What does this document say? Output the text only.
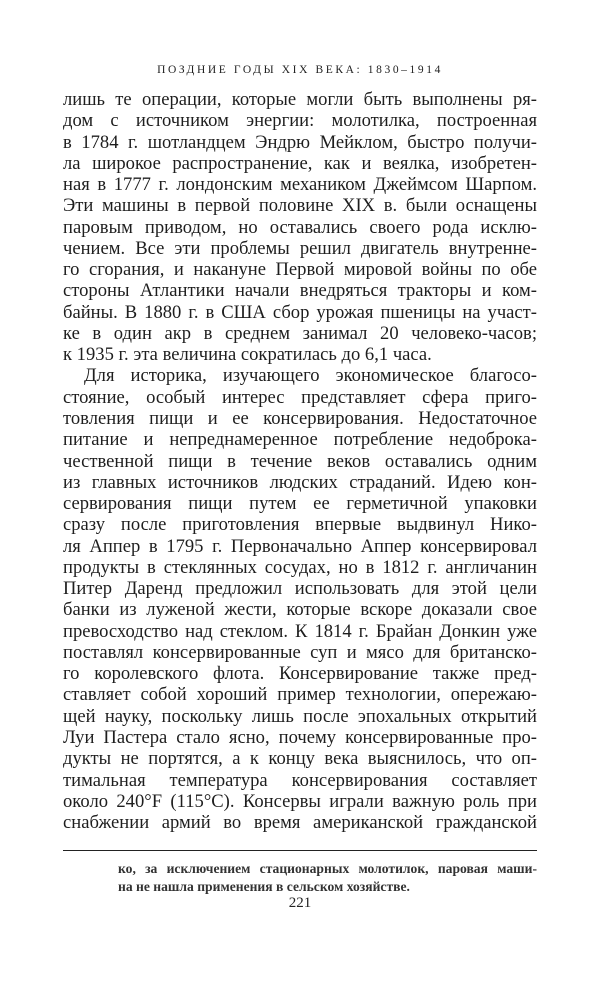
ПОЗДНИЕ ГОДЫ XIX ВЕКА: 1830–1914
лишь те операции, которые могли быть выполнены ря-
дом с источником энергии: молотилка, построенная
в 1784 г. шотландцем Эндрю Мейклом, быстро получи-
ла широкое распространение, как и веялка, изобретен-
ная в 1777 г. лондонским механиком Джеймсом Шарпом.
Эти машины в первой половине XIX в. были оснащены
паровым приводом, но оставались своего рода исклю-
чением. Все эти проблемы решил двигатель внутренне-
го сгорания, и накануне Первой мировой войны по обе
стороны Атлантики начали внедряться тракторы и ком-
байны. В 1880 г. в США сбор урожая пшеницы на участ-
ке в один акр в среднем занимал 20 человеко-часов;
к 1935 г. эта величина сократилась до 6,1 часа.
Для историка, изучающего экономическое благосо-
стояние, особый интерес представляет сфера приго-
товления пищи и ее консервирования. Недостаточное
питание и непреднамеренное потребление недоброка-
чественной пищи в течение веков оставались одним
из главных источников людских страданий. Идею кон-
сервирования пищи путем ее герметичной упаковки
сразу после приготовления впервые выдвинул Нико-
ля Аппер в 1795 г. Первоначально Аппер консервировал
продукты в стеклянных сосудах, но в 1812 г. англичанин
Питер Даренд предложил использовать для этой цели
банки из луженой жести, которые вскоре доказали свое
превосходство над стеклом. К 1814 г. Брайан Донкин уже
поставлял консервированные суп и мясо для британско-
го королевского флота. Консервирование также пред-
ставляет собой хороший пример технологии, опережаю-
щей науку, поскольку лишь после эпохальных открытий
Луи Пастера стало ясно, почему консервированные про-
дукты не портятся, а к концу века выяснилось, что оп-
тимальная температура консервирования составляет
около 240°F (115°C). Консервы играли важную роль при
снабжении армий во время американской гражданской
ко, за исключением стационарных молотилок, паровая маши-
на не нашла применения в сельском хозяйстве.
221
